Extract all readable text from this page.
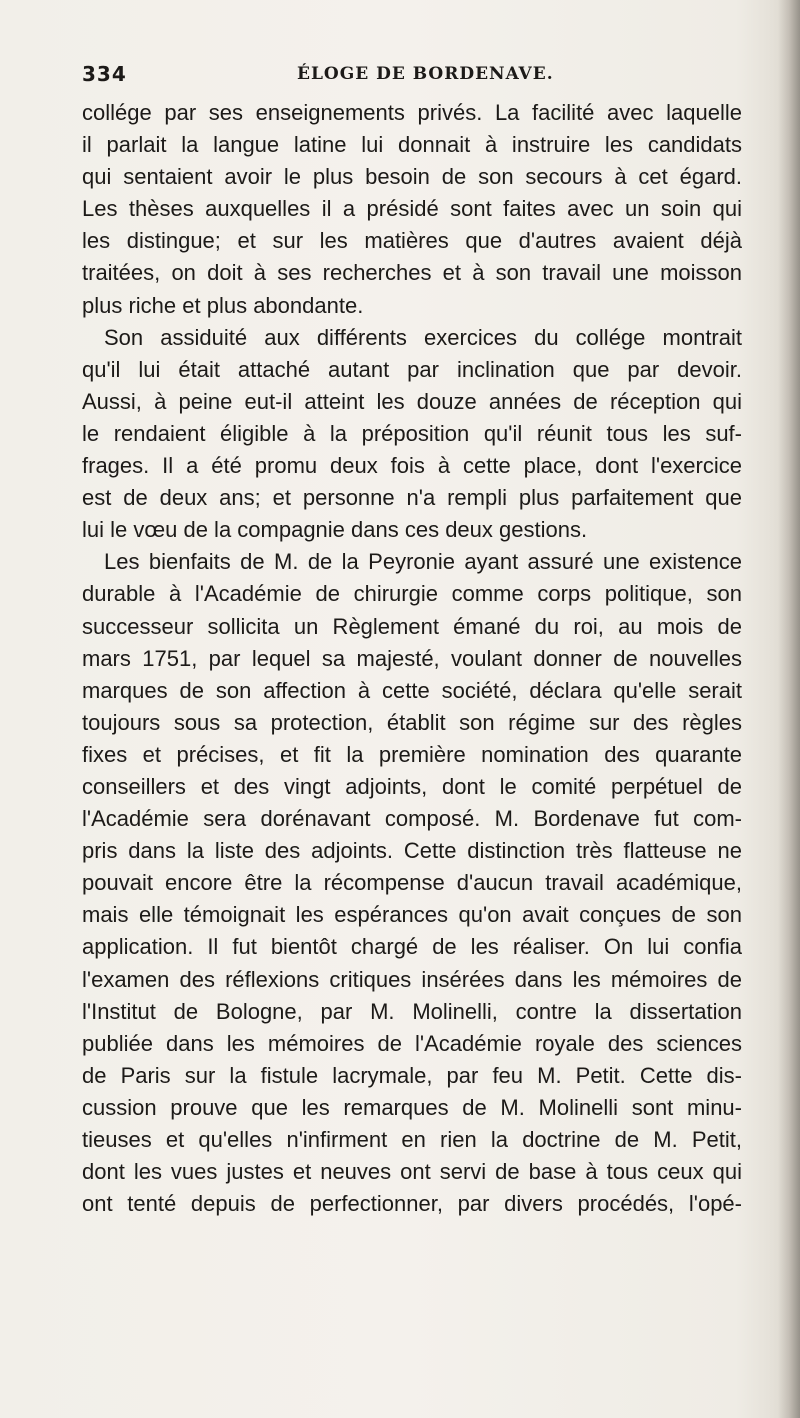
334	ÉLOGE DE BORDENAVE.
collége par ses enseignements privés. La facilité avec laquelle
il parlait la langue latine lui donnait à instruire les candidats
qui sentaient avoir le plus besoin de son secours à cet égard.
Les thèses auxquelles il a présidé sont faites avec un soin qui
les distingue; et sur les matières que d'autres avaient déjà
traitées, on doit à ses recherches et à son travail une moisson
plus riche et plus abondante.
Son assiduité aux différents exercices du collége montrait
qu'il lui était attaché autant par inclination que par devoir.
Aussi, à peine eut-il atteint les douze années de réception qui
le rendaient éligible à la préposition qu'il réunit tous les suf-
frages. Il a été promu deux fois à cette place, dont l'exercice
est de deux ans; et personne n'a rempli plus parfaitement que
lui le vœu de la compagnie dans ces deux gestions.
Les bienfaits de M. de la Peyronie ayant assuré une existence
durable à l'Académie de chirurgie comme corps politique, son
successeur sollicita un Règlement émané du roi, au mois de
mars 1751, par lequel sa majesté, voulant donner de nouvelles
marques de son affection à cette société, déclara qu'elle serait
toujours sous sa protection, établit son régime sur des règles
fixes et précises, et fit la première nomination des quarante
conseillers et des vingt adjoints, dont le comité perpétuel de
l'Académie sera dorénavant composé. M. Bordenave fut com-
pris dans la liste des adjoints. Cette distinction très flatteuse ne
pouvait encore être la récompense d'aucun travail académique,
mais elle témoignait les espérances qu'on avait conçues de son
application. Il fut bientôt chargé de les réaliser. On lui confia
l'examen des réflexions critiques insérées dans les mémoires de
l'Institut de Bologne, par M. Molinelli, contre la dissertation
publiée dans les mémoires de l'Académie royale des sciences
de Paris sur la fistule lacrymale, par feu M. Petit. Cette dis-
cussion prouve que les remarques de M. Molinelli sont minu-
tieuses et qu'elles n'infirment en rien la doctrine de M. Petit,
dont les vues justes et neuves ont servi de base à tous ceux qui
ont tenté depuis de perfectionner, par divers procédés, l'opé-
